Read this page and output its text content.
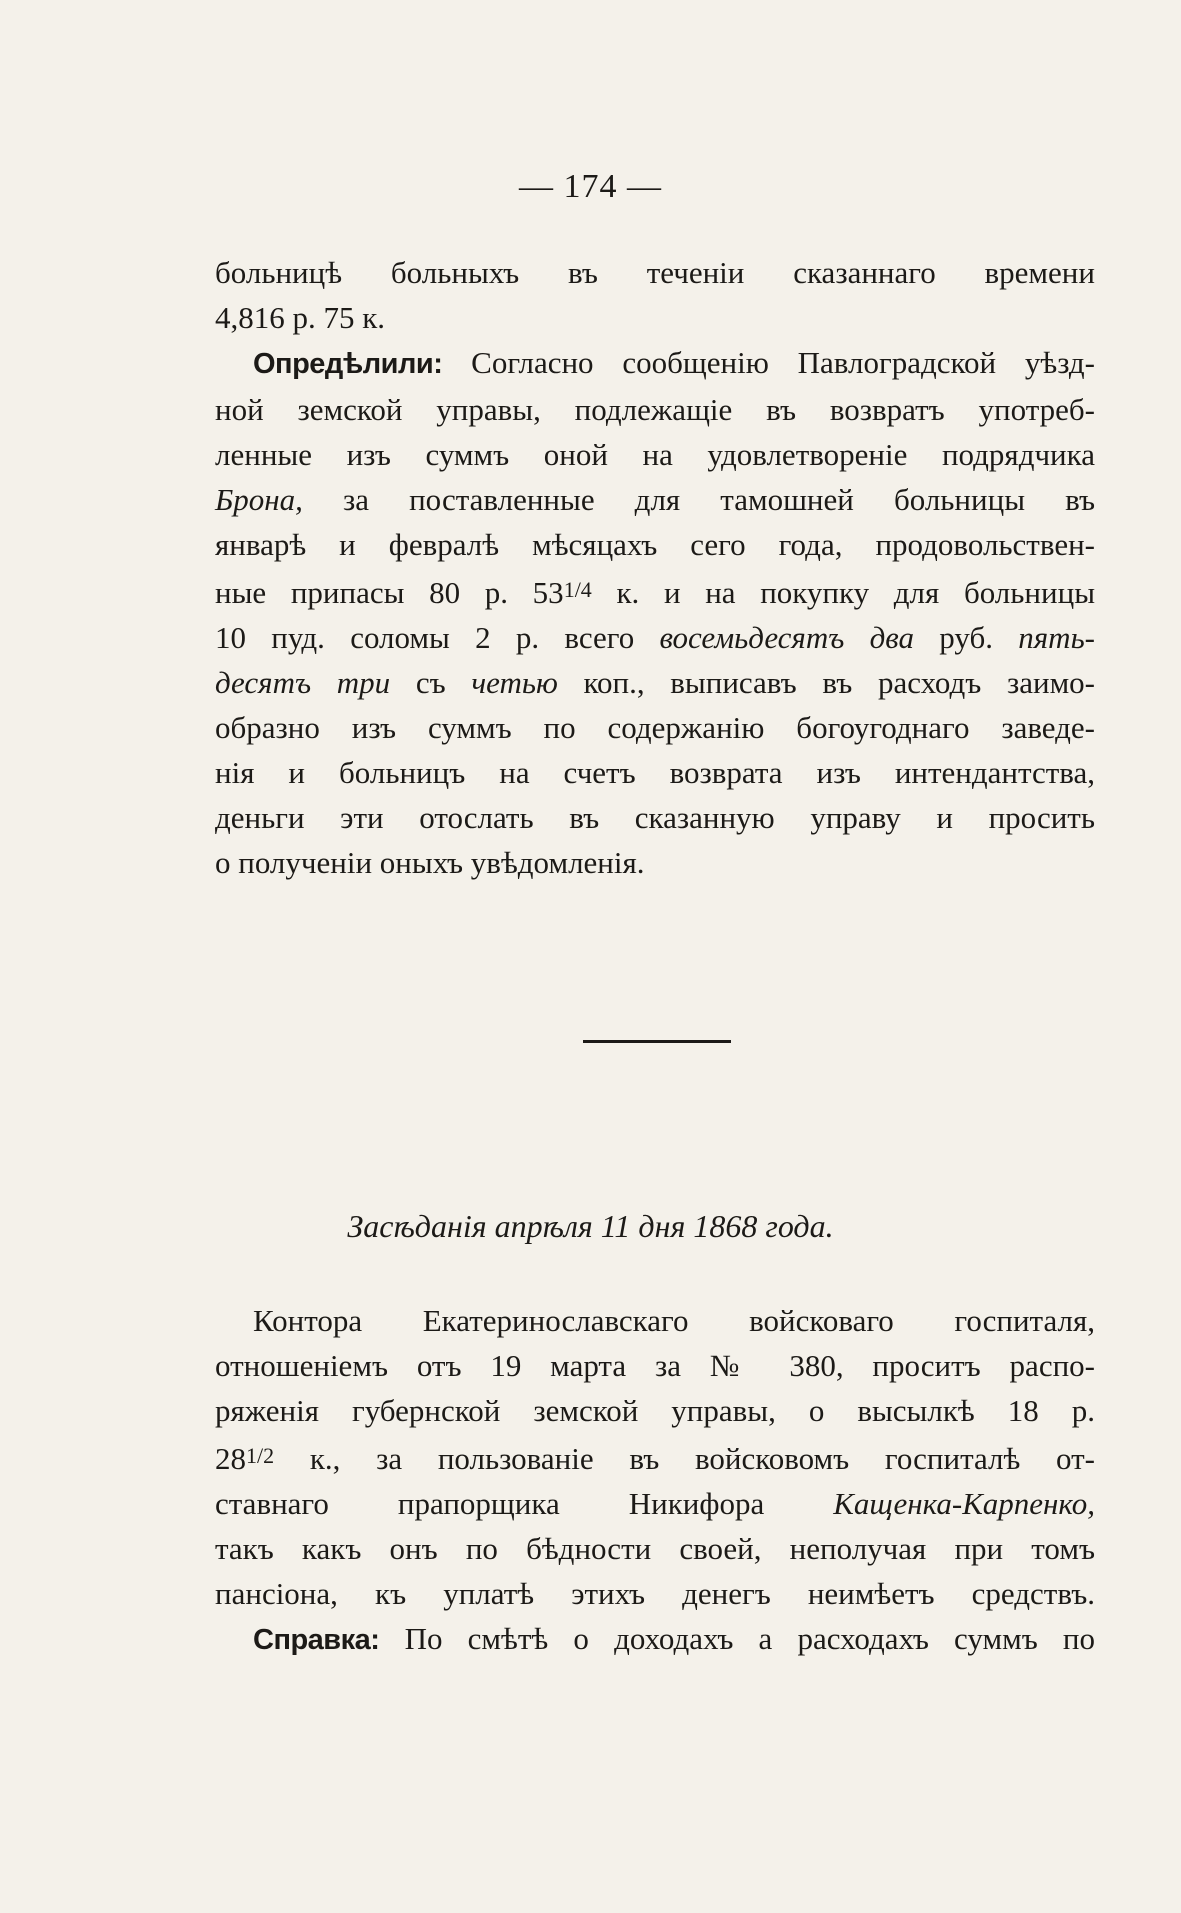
— 174 —
больницѣ больныхъ въ теченіи сказаннаго времени
4,816 р. 75 к.
Опредѣлили: Согласно сообщенію Павлоградской уѣзд-
ной земской управы, подлежащіе въ возвратъ употреб-
ленные изъ суммъ оной на удовлетвореніе подрядчика
Брона, за поставленные для тамошней больницы въ
январѣ и февралѣ мѣсяцахъ сего года, продовольствен-
ные припасы 80 р. 531/4 к. и на покупку для больницы
10 пуд. соломы 2 р. всего восемьдесятъ два руб. пять-
десятъ три съ четью коп., выписавъ въ расходъ заимо-
образно изъ суммъ по содержанію богоугоднаго заведе-
нія и больницъ на счетъ возврата изъ интендантства,
деньги эти отослать въ сказанную управу и просить
о полученіи оныхъ увѣдомленія.
Засѣданія апрѣля 11 дня 1868 года.
Контора Екатеринославскаго войсковаго госпиталя,
отношеніемъ отъ 19 марта за № 380, проситъ распо-
ряженія губернской земской управы, о высылкѣ 18 р.
281/2 к., за пользованіе въ войсковомъ госпиталѣ от-
ставнаго прапорщика Никифора Кащенка-Карпенко,
такъ какъ онъ по бѣдности своей, неполучая при томъ
пансіона, къ уплатѣ этихъ денегъ неимѣетъ средствъ.
Справка: По смѣтѣ о доходахъ а расходахъ суммъ по
